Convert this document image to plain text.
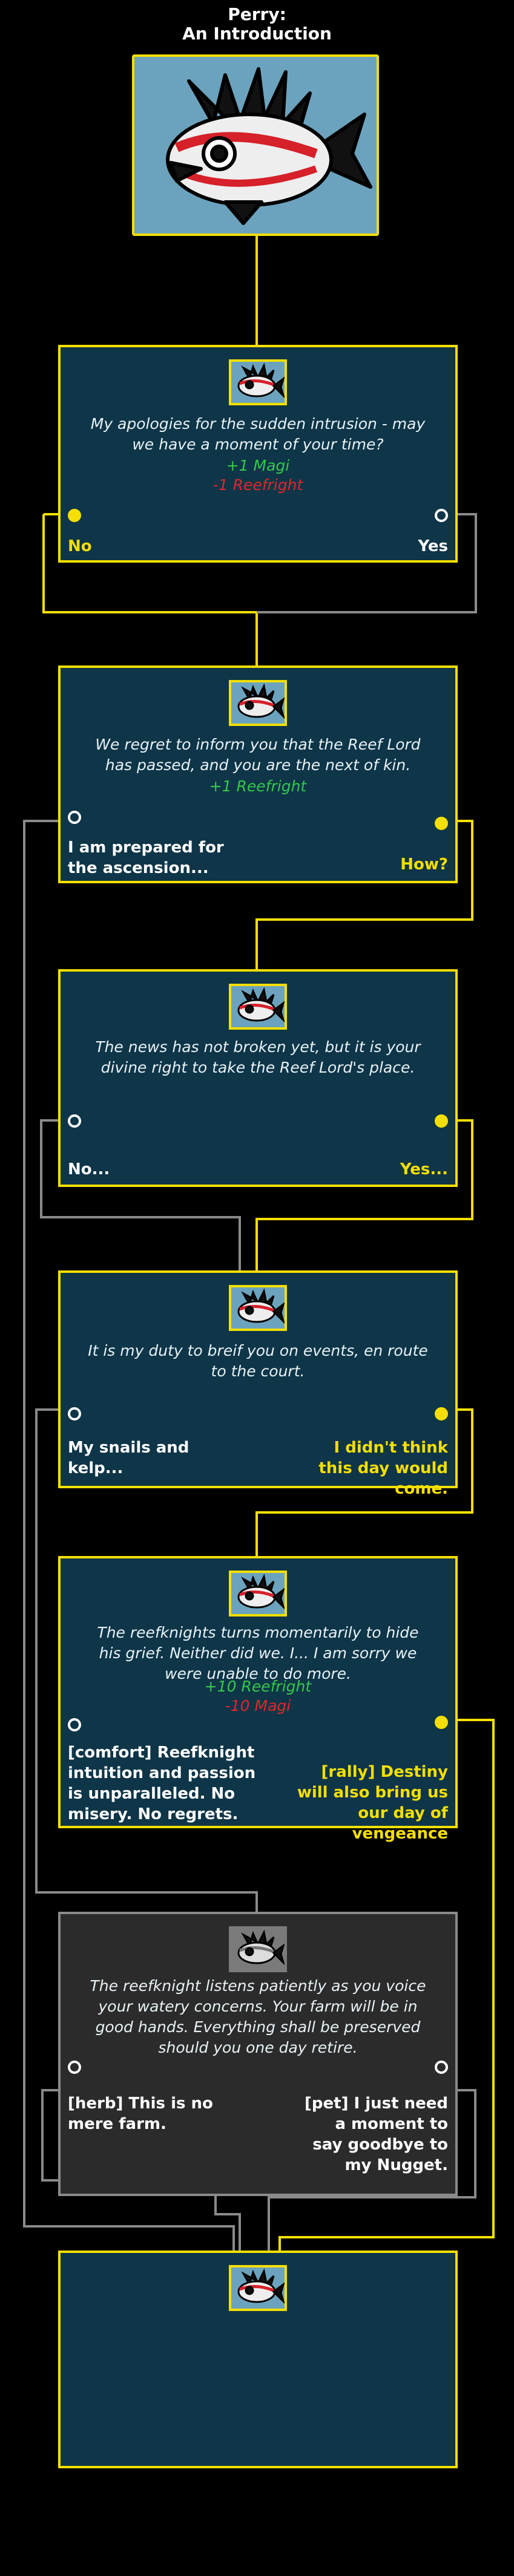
Perry:
An Introduction
My apologies for the sudden intrusion - may we have a moment of your time?
+1 Magi
-1 Reefright
No	Yes
We regret to inform you that the Reef Lord has passed, and you are the next of kin.
+1 Reefright
I am prepared for the ascension...	How?
The news has not broken yet, but it is your divine right to take the Reef Lord's place.
No...	Yes...
It is my duty to breif you on events, en route to the court.
My snails and kelp...
I didn't think this day would come.
The reefknights turns momentarily to hide his grief. Neither did we. I... I am sorry we were unable to do more.
+10 Reefright
-10 Magi
[comfort] Reefknight intuition and passion is unparalleled. No misery. No regrets.
[rally] Destiny will also bring us our day of vengeance
The reefknight listens patiently as you voice your watery concerns. Your farm will be in good hands. Everything shall be preserved should you one day retire.
[herb] This is no mere farm.
[pet] I just need a moment to say goodbye to my Nugget.
